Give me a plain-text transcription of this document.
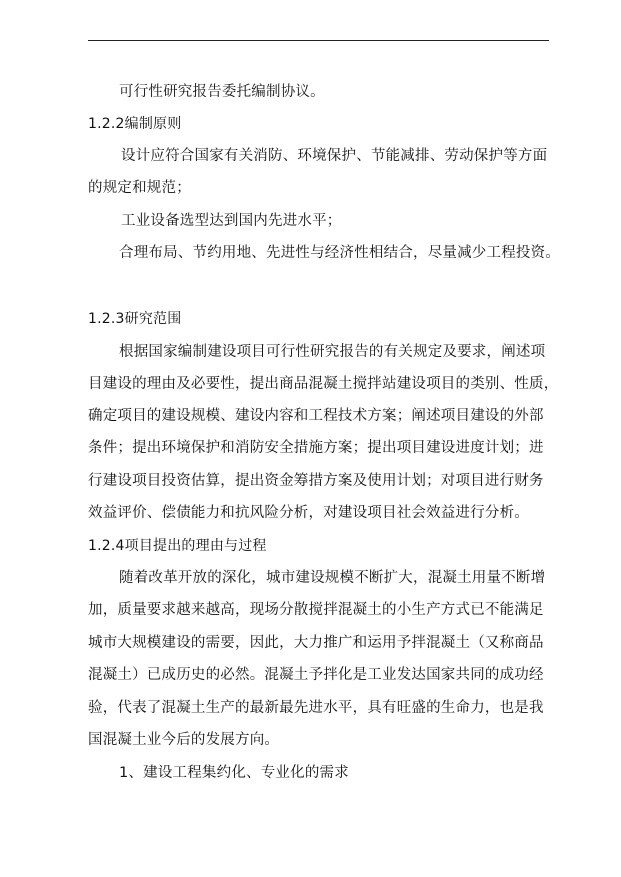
可行性研究报告委托编制协议。
1.2.2编制原则
设计应符合国家有关消防、环境保护、节能减排、劳动保护等方面
的规定和规范；
工业设备选型达到国内先进水平；
合理布局、节约用地、先进性与经济性相结合，尽量减少工程投资。
1.2.3研究范围
根据国家编制建设项目可行性研究报告的有关规定及要求，阐述项
目建设的理由及必要性，提出商品混凝土搅拌站建设项目的类别、性质，
确定项目的建设规模、建设内容和工程技术方案；阐述项目建设的外部
条件；提出环境保护和消防安全措施方案；提出项目建设进度计划；进
行建设项目投资估算，提出资金筹措方案及使用计划；对项目进行财务
效益评价、偿债能力和抗风险分析，对建设项目社会效益进行分析。
1.2.4项目提出的理由与过程
随着改革开放的深化，城市建设规模不断扩大，混凝土用量不断增
加，质量要求越来越高，现场分散搅拌混凝土的小生产方式已不能满足
城市大规模建设的需要，因此，大力推广和运用予拌混凝土（又称商品
混凝土）已成历史的必然。混凝土予拌化是工业发达国家共同的成功经
验，代表了混凝土生产的最新最先进水平，具有旺盛的生命力，也是我
国混凝土业今后的发展方向。
1、建设工程集约化、专业化的需求
